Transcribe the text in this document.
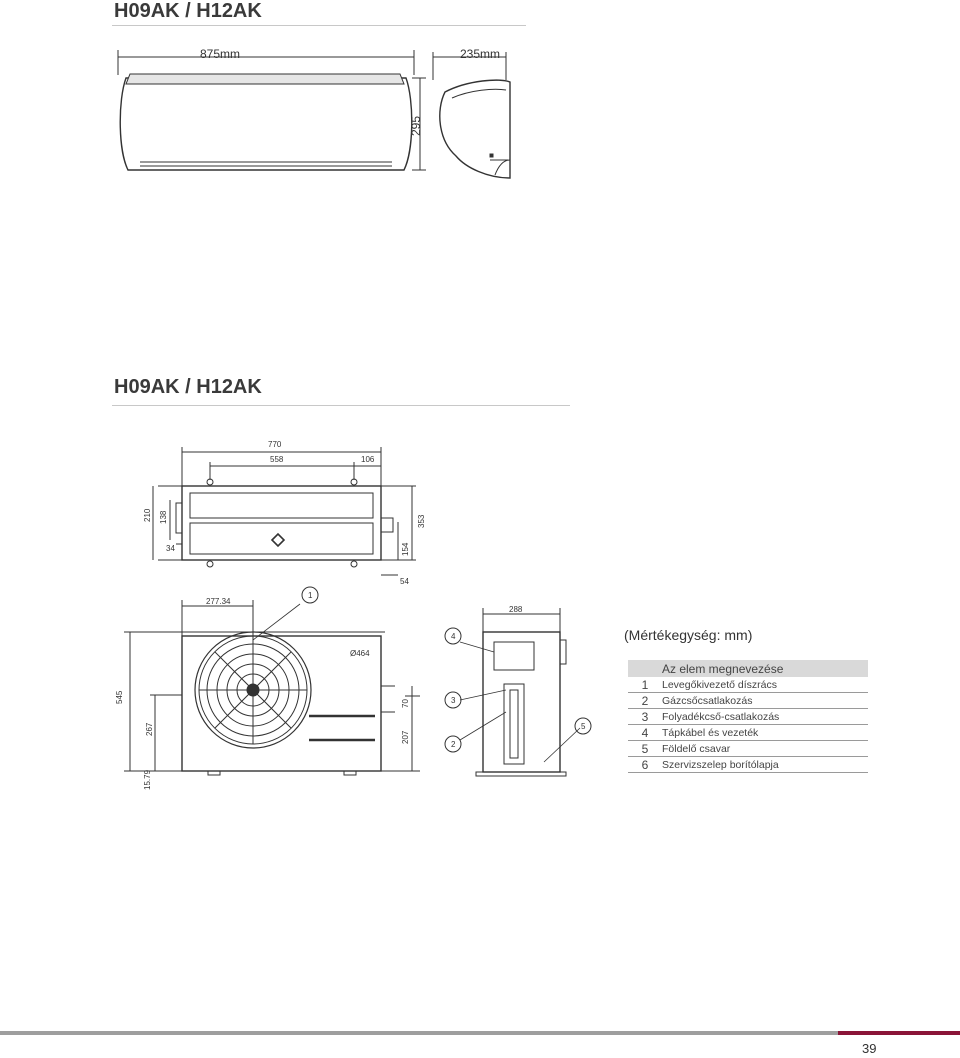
H09AK / H12AK
H09AK / H12AK
875mm	235mm
295
770
558	106
210 138
34
353
154
54
277.34
288
545
267
15.79
Ø464
70
207
1
2
3
4
5
(Mértékegység: mm)
Az elem megnevezése	
1	Levegőkivezető díszrács
2	Gázcsőcsatlakozás
3	Folyadékcső-csatlakozás
4	Tápkábel és vezeték
5	Földelő csavar
6	Szervizszelep borítólapja
39
